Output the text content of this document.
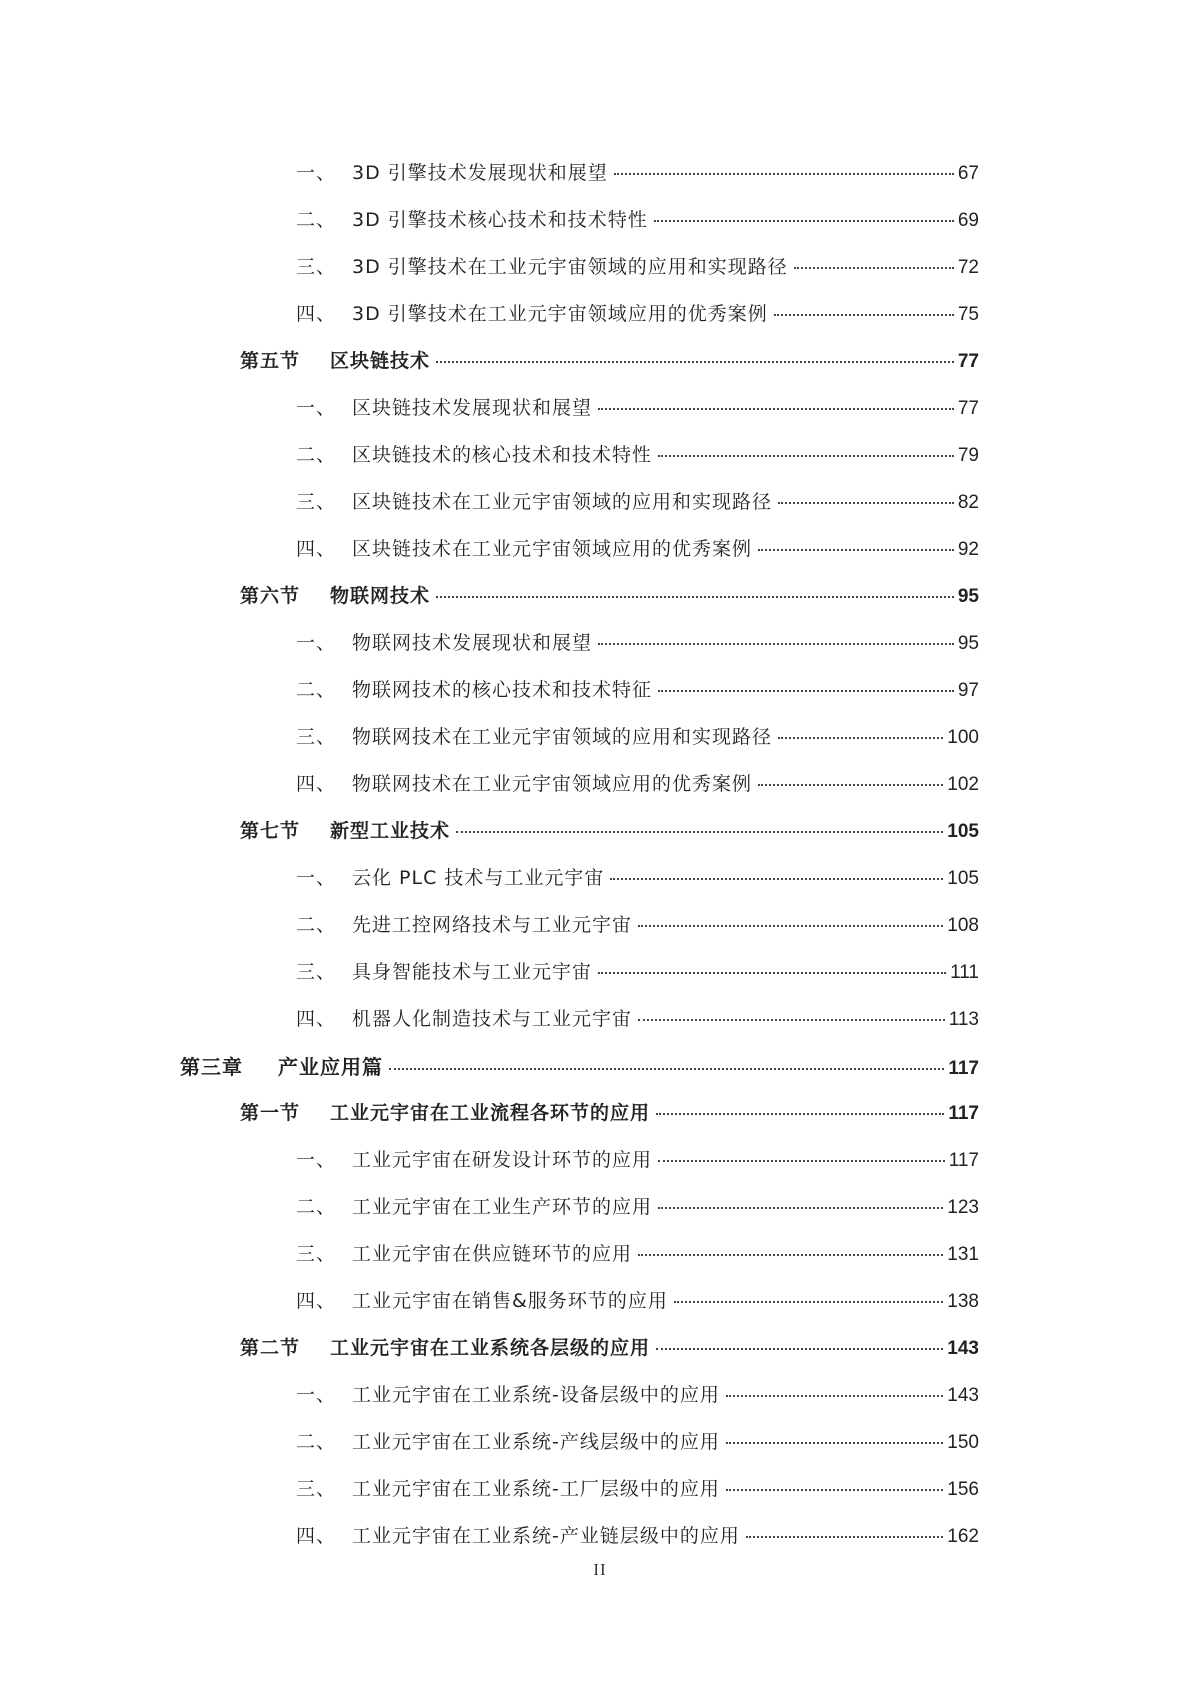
一、 3D 引擎技术发展现状和展望	67
二、 3D 引擎技术核心技术和技术特性	69
三、 3D 引擎技术在工业元宇宙领域的应用和实现路径	72
四、 3D 引擎技术在工业元宇宙领域应用的优秀案例	75
第五节	区块链技术	77
一、 区块链技术发展现状和展望	77
二、 区块链技术的核心技术和技术特性	79
三、 区块链技术在工业元宇宙领域的应用和实现路径	82
四、 区块链技术在工业元宇宙领域应用的优秀案例	92
第六节	物联网技术	95
一、 物联网技术发展现状和展望	95
二、 物联网技术的核心技术和技术特征	97
三、 物联网技术在工业元宇宙领域的应用和实现路径	100
四、 物联网技术在工业元宇宙领域应用的优秀案例	102
第七节	新型工业技术	105
一、 云化 PLC 技术与工业元宇宙	105
二、 先进工控网络技术与工业元宇宙	108
三、 具身智能技术与工业元宇宙	111
四、 机器人化制造技术与工业元宇宙	113
第三章	产业应用篇	117
第一节	工业元宇宙在工业流程各环节的应用	117
一、 工业元宇宙在研发设计环节的应用	117
二、 工业元宇宙在工业生产环节的应用	123
三、 工业元宇宙在供应链环节的应用	131
四、 工业元宇宙在销售&服务环节的应用	138
第二节	工业元宇宙在工业系统各层级的应用	143
一、 工业元宇宙在工业系统-设备层级中的应用	143
二、 工业元宇宙在工业系统-产线层级中的应用	150
三、 工业元宇宙在工业系统-工厂层级中的应用	156
四、 工业元宇宙在工业系统-产业链层级中的应用	162
II
